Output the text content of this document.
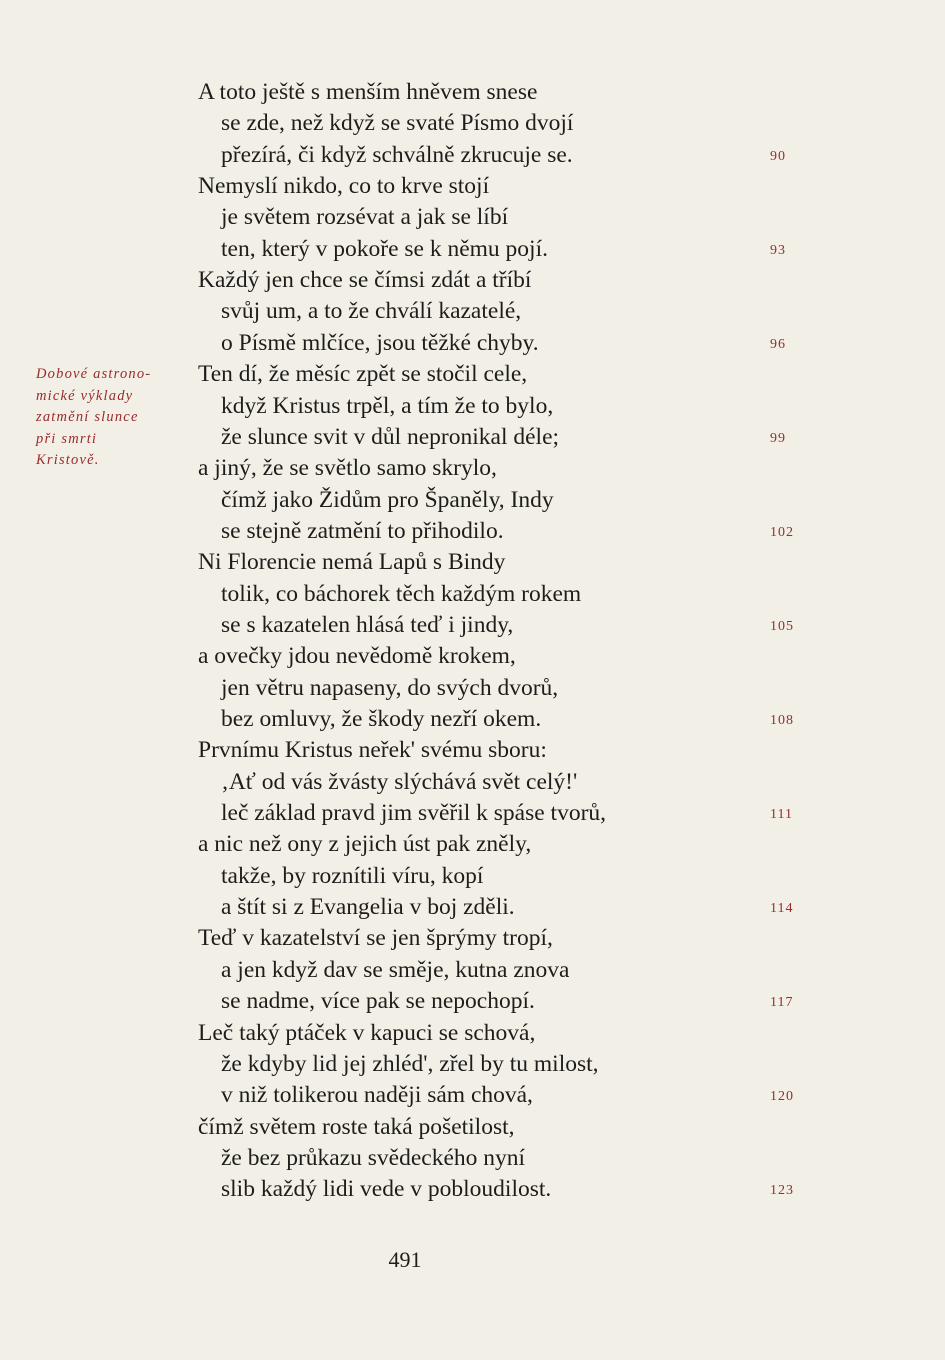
Dobové astrono-
mické výklady
zatmění slunce
při smrti
Kristově.
A toto ještě s menším hněvem snese
se zde, než když se svaté Písmo dvojí
přezírá, či když schválně zkrucuje se.
Nemyslí nikdo, co to krve stojí
je světem rozsévat a jak se líbí
ten, který v pokoře se k němu pojí.
Každý jen chce se čímsi zdát a tříbí
svůj um, a to že chválí kazatelé,
o Písmě mlčíce, jsou těžké chyby.
Ten dí, že měsíc zpět se stočil cele,
když Kristus trpěl, a tím že to bylo,
že slunce svit v důl nepronikal déle;
a jiný, že se světlo samo skrylo,
čímž jako Židům pro Španěly, Indy
se stejně zatmění to přihodilo.
Ni Florencie nemá Lapů s Bindy
tolik, co báchorek těch každým rokem
se s kazatelen hlásá teď i jindy,
a ovečky jdou nevědomě krokem,
jen větru napaseny, do svých dvorů,
bez omluvy, že škody nezří okem.
Prvnímu Kristus neřek' svému sboru:
‚Ať od vás žvásty slýchává svět celý!'
leč základ pravd jim svěřil k spáse tvorů,
a nic než ony z jejich úst pak zněly,
takže, by roznítili víru, kopí
a štít si z Evangelia v boj zděli.
Teď v kazatelství se jen šprýmy tropí,
a jen když dav se směje, kutna znova
se nadme, více pak se nepochopí.
Leč taký ptáček v kapuci se schová,
že kdyby lid jej zhléd', zřel by tu milost,
v niž tolikerou naději sám chová,
čímž světem roste taká pošetilost,
že bez průkazu svědeckého nyní
slib každý lidi vede v pobloudilost.
90
93
96
99
102
105
108
111
114
117
120
123
491
